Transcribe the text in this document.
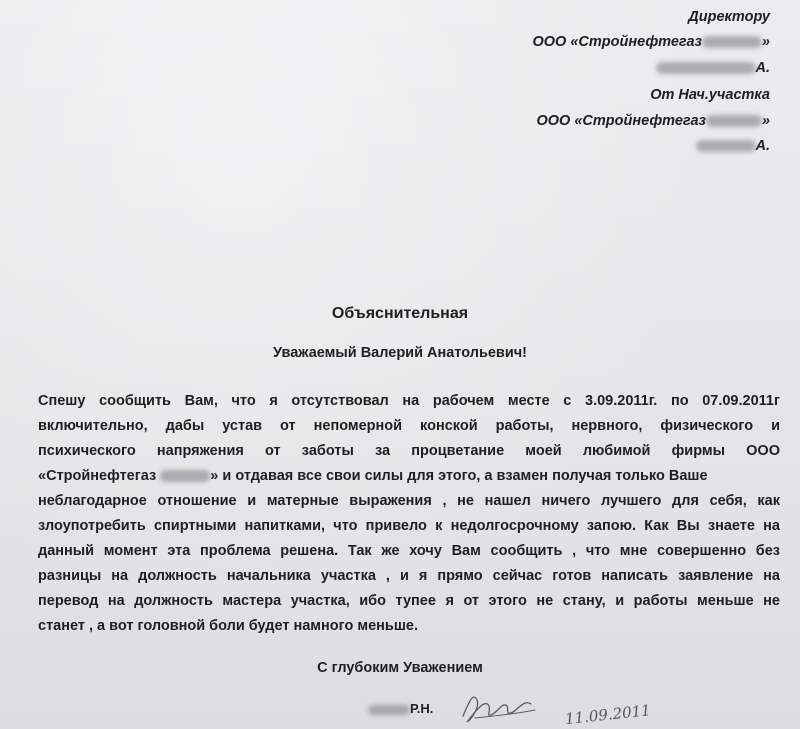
Директору
ООО «Стройнефтегаз	»
А.
От Нач.участка
ООО «Стройнефтегаз	»
А.
Объяснительная
Уважаемый Валерий Анатольевич!
Спешу сообщить Вам, что я отсутствовал на рабочем месте с 3.09.2011г. по 07.09.2011г
включительно, дабы устав от непомерной конской работы, нервного, физического и
психического напряжения от заботы за процветание моей любимой фирмы ООО
«Стройнефтегаз	» и отдавая все свои силы для этого, а взамен получая только Ваше
неблагодарное отношение и матерные выражения , не нашел ничего лучшего для себя, как
злоупотребить спиртными напитками, что привело к недолгосрочному запою. Как Вы знаете на
данный момент эта проблема решена. Так же хочу Вам сообщить , что мне совершенно без
разницы на должность начальника участка , и я прямо сейчас готов написать заявление на
перевод на должность мастера участка, ибо тупее я от этого не стану, и работы меньше не
станет , а вот головной боли будет намного меньше.
С глубоким Уважением
Р.Н.	11.09.2011
